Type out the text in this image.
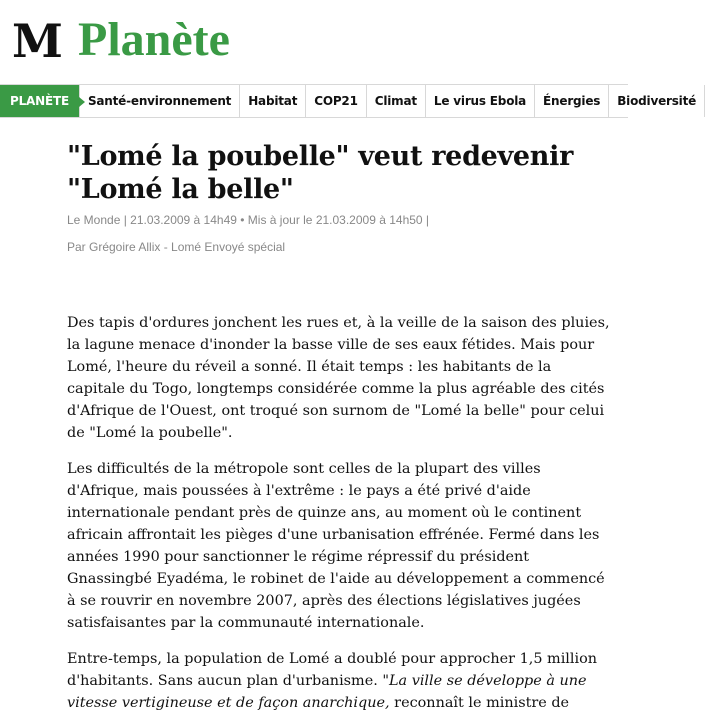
M Planète
PLANÈTE	Santé-environnement	Habitat	COP21	Climat	Le virus Ebola	Énergies	Biodiversité
"Lomé la poubelle" veut redevenir "Lomé la belle"
Le Monde | 21.03.2009 à 14h49 • Mis à jour le 21.03.2009 à 14h50 |
Par Grégoire Allix - Lomé Envoyé spécial

Des tapis d'ordures jonchent les rues et, à la veille de la saison des pluies, la lagune menace d'inonder la basse ville de ses eaux fétides. Mais pour Lomé, l'heure du réveil a sonné. Il était temps : les habitants de la capitale du Togo, longtemps considérée comme la plus agréable des cités d'Afrique de l'Ouest, ont troqué son surnom de "Lomé la belle" pour celui de "Lomé la poubelle".

Les difficultés de la métropole sont celles de la plupart des villes d'Afrique, mais poussées à l'extrême : le pays a été privé d'aide internationale pendant près de quinze ans, au moment où le continent africain affrontait les pièges d'une urbanisation effrénée. Fermé dans les années 1990 pour sanctionner le régime répressif du président Gnassingbé Eyadéma, le robinet de l'aide au développement a commencé à se rouvrir en novembre 2007, après des élections législatives jugées satisfaisantes par la communauté internationale.

Entre-temps, la population de Lomé a doublé pour approcher 1,5 million d'habitants. Sans aucun plan d'urbanisme. "La ville se développe à une vitesse vertigineuse et de façon anarchique, reconnaît le ministre de
